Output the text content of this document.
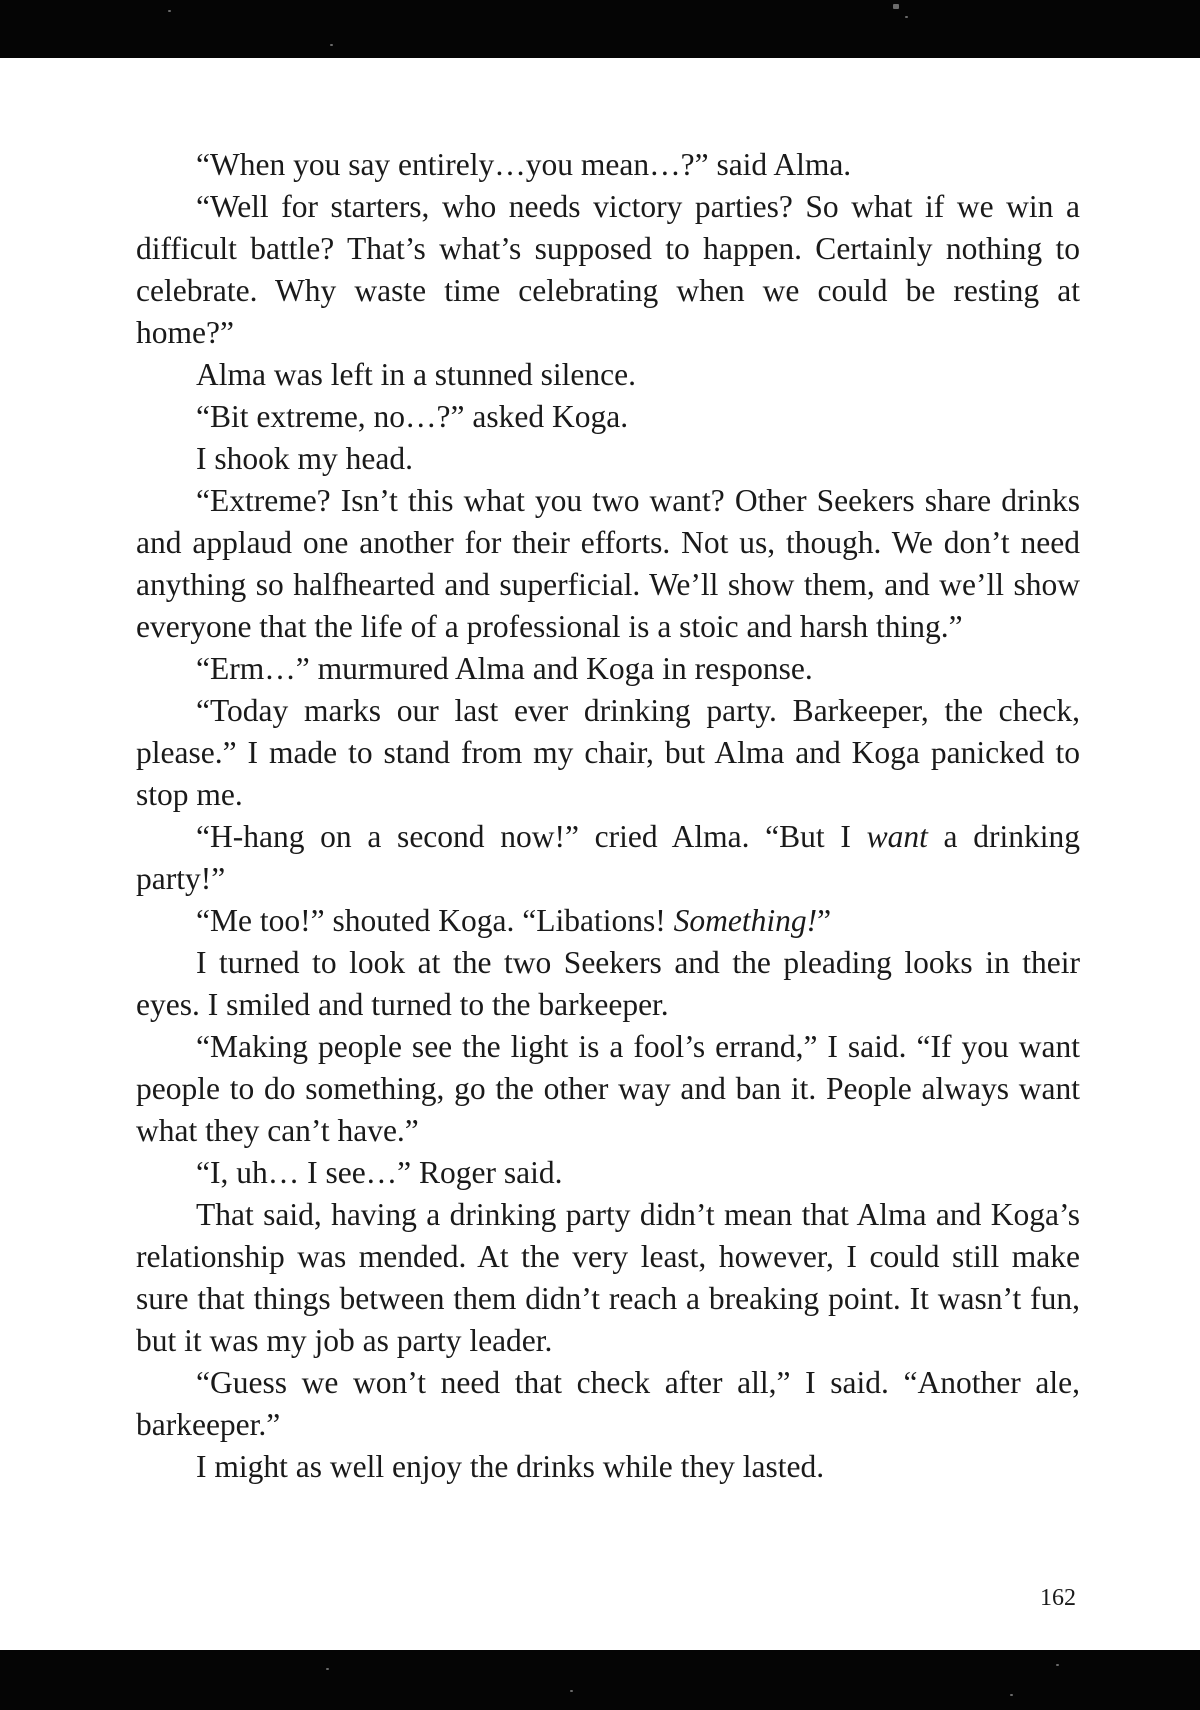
“When you say entirely…you mean…?” said Alma.

“Well for starters, who needs victory parties? So what if we win a difficult battle? That’s what’s supposed to happen. Certainly nothing to celebrate. Why waste time celebrating when we could be resting at home?”

Alma was left in a stunned silence.

“Bit extreme, no…?” asked Koga.

I shook my head.

“Extreme? Isn’t this what you two want? Other Seekers share drinks and applaud one another for their efforts. Not us, though. We don’t need anything so halfhearted and superficial. We’ll show them, and we’ll show everyone that the life of a professional is a stoic and harsh thing.”

“Erm…” murmured Alma and Koga in response.

“Today marks our last ever drinking party. Barkeeper, the check, please.” I made to stand from my chair, but Alma and Koga panicked to stop me.

“H-hang on a second now!” cried Alma. “But I want a drinking party!”

“Me too!” shouted Koga. “Libations! Something!”

I turned to look at the two Seekers and the pleading looks in their eyes. I smiled and turned to the barkeeper.

“Making people see the light is a fool’s errand,” I said. “If you want people to do something, go the other way and ban it. People always want what they can’t have.”

“I, uh… I see…” Roger said.

That said, having a drinking party didn’t mean that Alma and Koga’s relationship was mended. At the very least, however, I could still make sure that things between them didn’t reach a breaking point. It wasn’t fun, but it was my job as party leader.

“Guess we won’t need that check after all,” I said. “Another ale, barkeeper.”

I might as well enjoy the drinks while they lasted.

162
